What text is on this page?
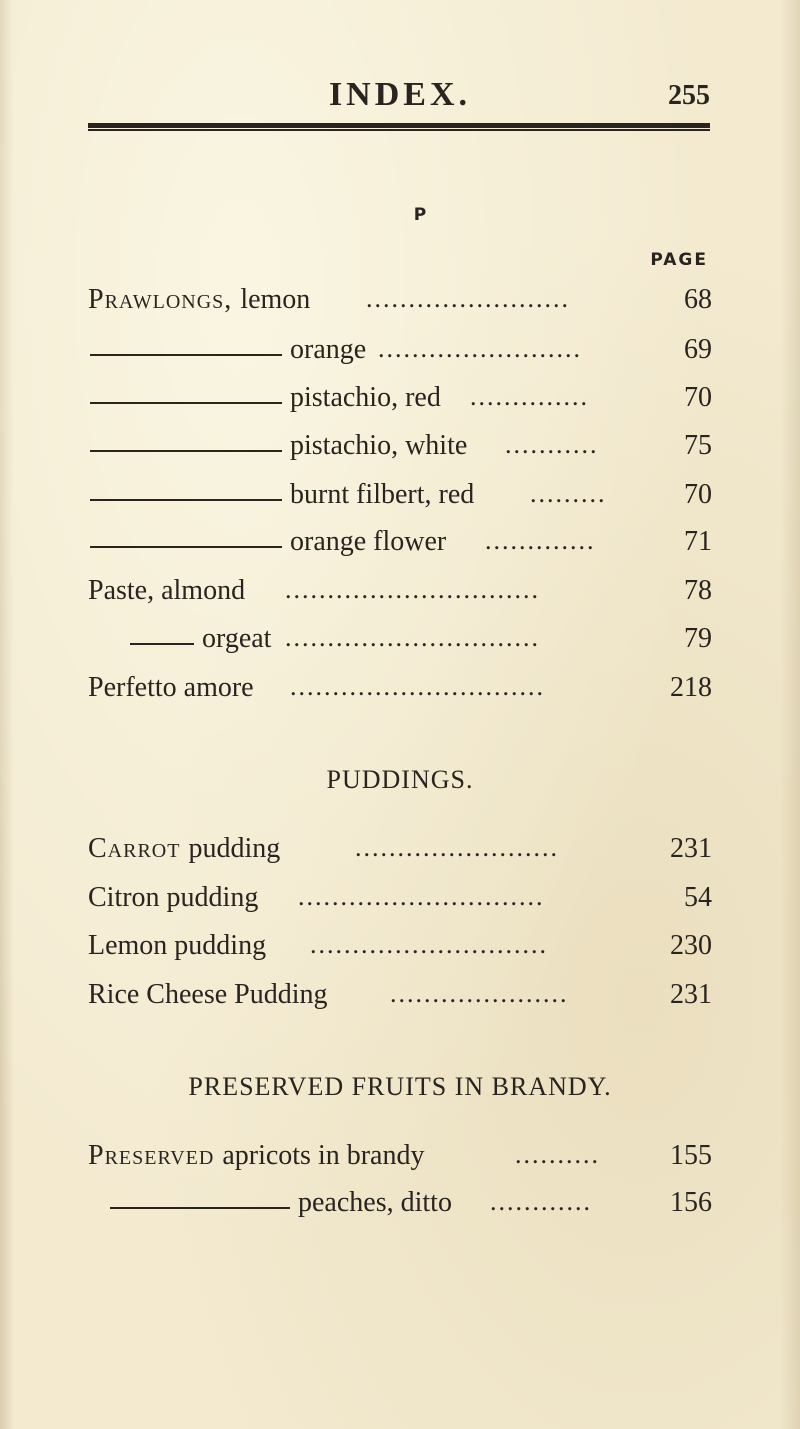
INDEX.	255
P
PAGE
Prawlongs, lemon ........................	68
orange ........................	69
pistachio, red ..............	70
pistachio, white ...........	75
burnt filbert, red .........	70
orange flower .............	71
Paste, almond ..............................	78
orgeat ..............................	79
Perfetto amore ..............................	218
PUDDINGS.
Carrot pudding	........................	231
Citron pudding .............................	54
Lemon pudding ............................	230
Rice Cheese Pudding .....................	231
PRESERVED FRUITS IN BRANDY.
Preserved apricots in brandy	..........	155
peaches, ditto ............	156
